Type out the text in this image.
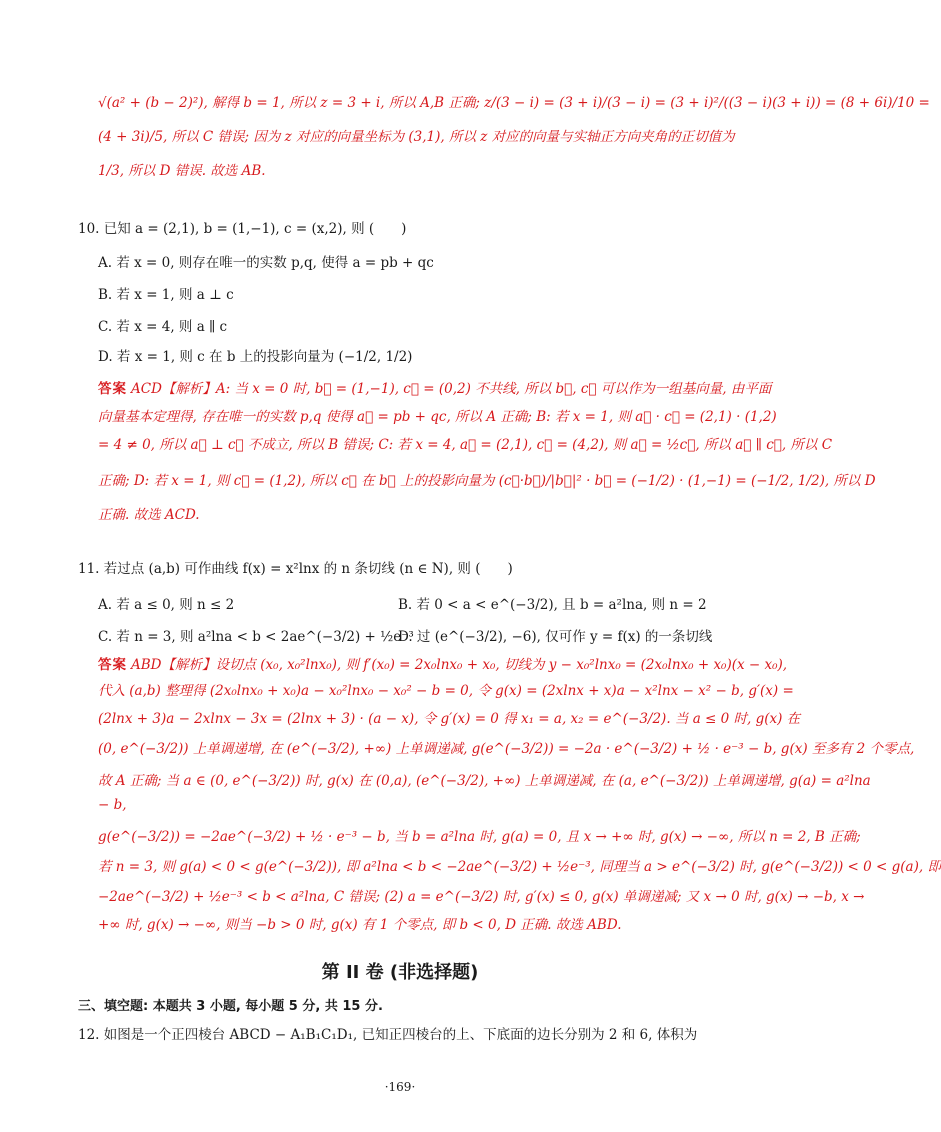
√(a² + (b − 2)²), 解得 b = 1, 所以 z = 3 + i, 所以 A,B 正确; z/(3 − i) = (3 + i)/(3 − i) = (3 + i)²/((3 − i)(3 + i)) = (8 + 6i)/10 =
(4 + 3i)/5, 所以 C 错误; 因为 z 对应的向量坐标为 (3,1), 所以 z 对应的向量与实轴正方向夹角的正切值为
1/3, 所以 D 错误. 故选 AB.
10. 已知 a = (2,1), b = (1,−1), c = (x,2), 则 (　　)
A. 若 x = 0, 则存在唯一的实数 p,q, 使得 a = pb + qc
B. 若 x = 1, 则 a ⊥ c
C. 若 x = 4, 则 a ∥ c
D. 若 x = 1, 则 c 在 b 上的投影向量为 (−1/2, 1/2)
答案 ACD【解析】A: 当 x = 0 时, b⃗ = (1,−1), c⃗ = (0,2) 不共线, 所以 b⃗, c⃗ 可以作为一组基向量, 由平面
向量基本定理得, 存在唯一的实数 p,q 使得 a⃗ = pb + qc, 所以 A 正确; B: 若 x = 1, 则 a⃗ · c⃗ = (2,1) · (1,2)
= 4 ≠ 0, 所以 a⃗ ⊥ c⃗ 不成立, 所以 B 错误; C: 若 x = 4, a⃗ = (2,1), c⃗ = (4,2), 则 a⃗ = ½c⃗, 所以 a⃗ ∥ c⃗, 所以 C
正确; D: 若 x = 1, 则 c⃗ = (1,2), 所以 c⃗ 在 b⃗ 上的投影向量为 (c⃗·b⃗)/|b⃗|² · b⃗ = (−1/2) · (1,−1) = (−1/2, 1/2), 所以 D
正确. 故选 ACD.
11. 若过点 (a,b) 可作曲线 f(x) = x²lnx 的 n 条切线 (n ∈ N), 则 (　　)
A. 若 a ≤ 0, 则 n ≤ 2	B. 若 0 < a < e^(−3/2), 且 b = a²lna, 则 n = 2
C. 若 n = 3, 则 a²lna < b < 2ae^(−3/2) + ½e⁻³
D. 过 (e^(−3/2), −6), 仅可作 y = f(x) 的一条切线
答案 ABD【解析】设切点 (x₀, x₀²lnx₀), 则 f′(x₀) = 2x₀lnx₀ + x₀, 切线为 y − x₀²lnx₀ = (2x₀lnx₀ + x₀)(x − x₀),
代入 (a,b) 整理得 (2x₀lnx₀ + x₀)a − x₀²lnx₀ − x₀² − b = 0, 令 g(x) = (2xlnx + x)a − x²lnx − x² − b, g′(x) =
(2lnx + 3)a − 2xlnx − 3x = (2lnx + 3) · (a − x), 令 g′(x) = 0 得 x₁ = a, x₂ = e^(−3/2). 当 a ≤ 0 时, g(x) 在
(0, e^(−3/2)) 上单调递增, 在 (e^(−3/2), +∞) 上单调递减, g(e^(−3/2)) = −2a · e^(−3/2) + ½ · e⁻³ − b, g(x) 至多有 2 个零点,
故 A 正确; 当 a ∈ (0, e^(−3/2)) 时, g(x) 在 (0,a), (e^(−3/2), +∞) 上单调递减, 在 (a, e^(−3/2)) 上单调递增, g(a) = a²lna
− b,
g(e^(−3/2)) = −2ae^(−3/2) + ½ · e⁻³ − b, 当 b = a²lna 时, g(a) = 0, 且 x → +∞ 时, g(x) → −∞, 所以 n = 2, B 正确;
若 n = 3, 则 g(a) < 0 < g(e^(−3/2)), 即 a²lna < b < −2ae^(−3/2) + ½e⁻³, 同理当 a > e^(−3/2) 时, g(e^(−3/2)) < 0 < g(a), 即
−2ae^(−3/2) + ½e⁻³ < b < a²lna, C 错误; (2) a = e^(−3/2) 时, g′(x) ≤ 0, g(x) 单调递减; 又 x → 0 时, g(x) → −b, x →
+∞ 时, g(x) → −∞, 则当 −b > 0 时, g(x) 有 1 个零点, 即 b < 0, D 正确. 故选 ABD.
第 II 卷 (非选择题)
三、填空题: 本题共 3 小题, 每小题 5 分, 共 15 分.
12. 如图是一个正四棱台 ABCD − A₁B₁C₁D₁, 已知正四棱台的上、下底面的边长分别为 2 和 6, 体积为
·169·
